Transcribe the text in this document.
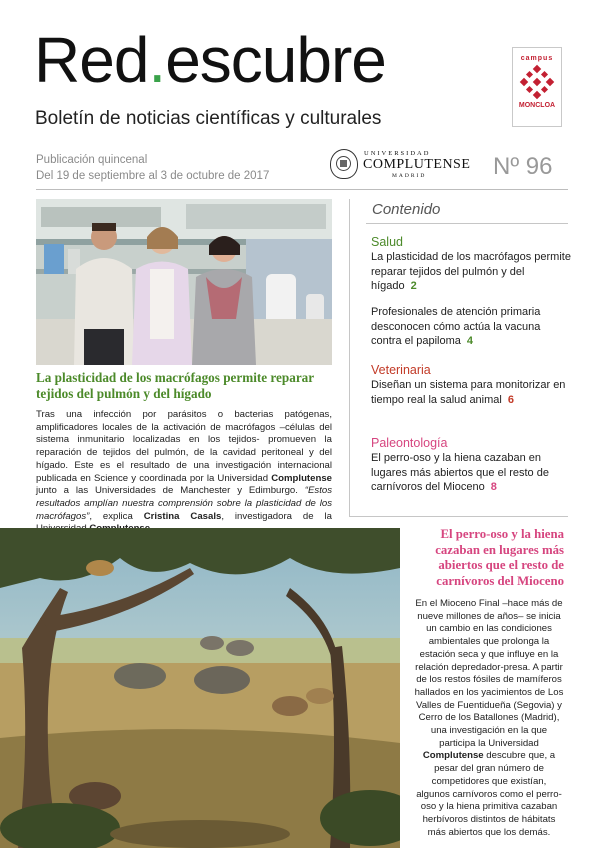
Red.escubre
Boletín de noticias científicas y culturales
campus
MONCLOA
Publicación quincenal
Del 19 de septiembre al 3 de octubre de 2017
UNIVERSIDAD
COMPLUTENSE
MADRID	Nº 96
La plasticidad de los macrófagos permite reparar tejidos del pulmón y del hígado
Tras una infección por parásitos o bacterias patógenas, amplificadores locales de la activación de macrófagos –células del sistema inmunitario localizadas en los tejidos- promueven la reparación de tejidos del pulmón, de la cavidad peritoneal y del hígado. Este es el resultado de una investigación internacional publicada en Science y coordinada por la Universidad Complutense junto a las Universidades de Manchester y Edimburgo. “Estos resultados amplían nuestra comprensión sobre la plasticidad de los macrófagos”, explica Cristina Casals, investigadora de la
Contenido
Salud
La plasticidad de los macrófagos permite reparar tejidos del pulmón y del hígado 2
Profesionales de atención primaria desconocen cómo actúa la vacuna contra el papiloma 4
Veterinaria
Diseñan un sistema para monitorizar en tiempo real la salud animal 6
Paleontología
El perro-oso y la hiena cazaban en lugares más abiertos que el resto de carnívoros del Mioceno 8
El perro-oso y la hiena cazaban en lugares más abiertos que el resto de carnívoros del Mioceno
En el Mioceno Final –hace más de nueve millones de años– se inicia un cambio en las condiciones ambientales que prolonga la estación seca y que influye en la relación depredador-presa. A partir de los restos fósiles de mamíferos hallados en los yacimientos de Los Valles de Fuentidueña (Segovia) y Cerro de los Batallones (Madrid), una investigación en la que participa la Universidad Complutense descubre que, a pesar del gran número de competidores que existían, algunos carnívoros como el perro-oso y la hiena primitiva cazaban herbívoros distintos de hábitats más abiertos que los demás.
